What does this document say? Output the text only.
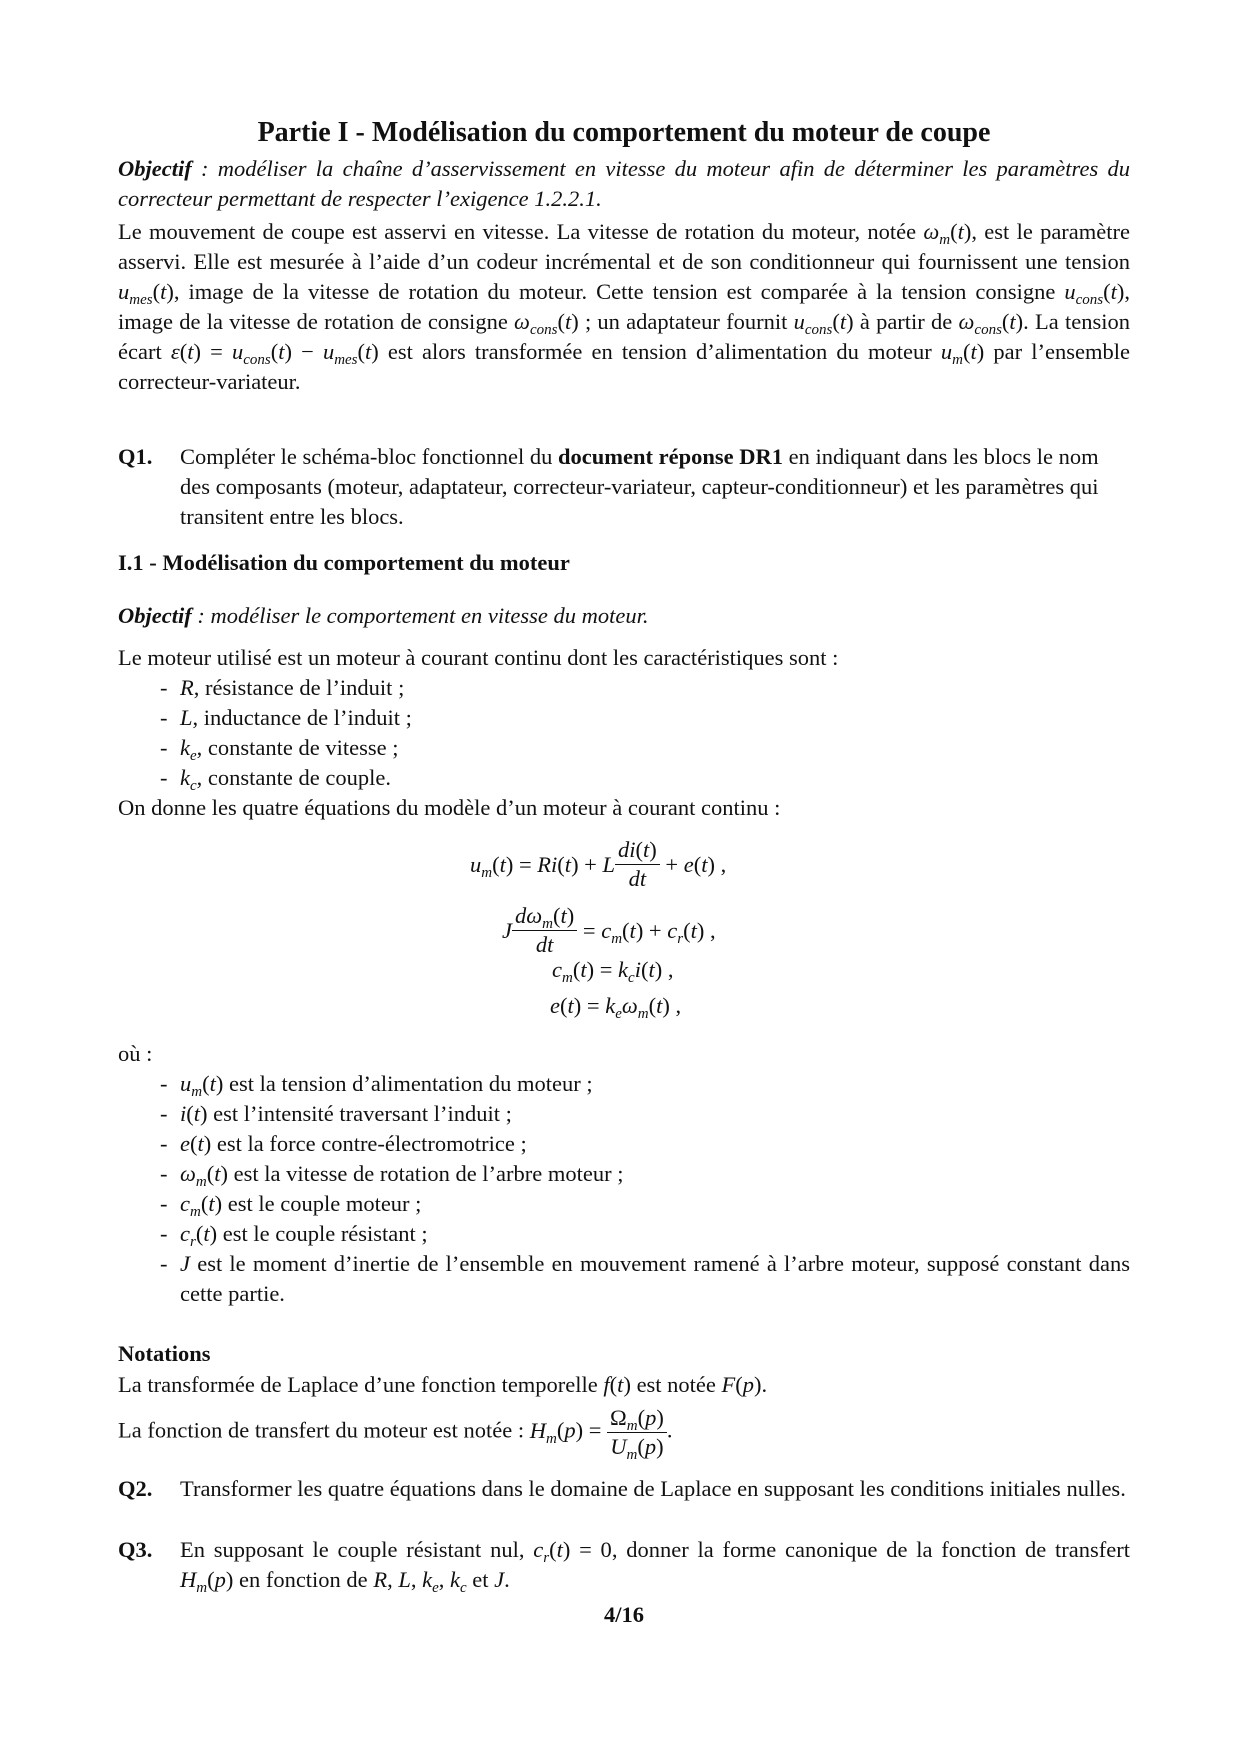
Partie I - Modélisation du comportement du moteur de coupe
Objectif : modéliser la chaîne d’asservissement en vitesse du moteur afin de déterminer les paramètres du correcteur permettant de respecter l’exigence 1.2.2.1.
Le mouvement de coupe est asservi en vitesse. La vitesse de rotation du moteur, notée $\omega_m(t)$, est le paramètre asservi. Elle est mesurée à l’aide d’un codeur incrémental et de son conditionneur qui fournissent une tension $u_{mes}(t)$, image de la vitesse de rotation du moteur. Cette tension est comparée à la tension consigne $u_{cons}(t)$, image de la vitesse de rotation de consigne $\omega_{cons}(t)$ ; un adaptateur fournit $u_{cons}(t)$ à partir de $\omega_{cons}(t)$. La tension écart $\varepsilon(t) = u_{cons}(t) - u_{mes}(t)$ est alors transformée en tension d’alimentation du moteur $u_m(t)$ par l’ensemble correcteur-variateur.
Q1. Compléter le schéma-bloc fonctionnel du document réponse DR1 en indiquant dans les blocs le nom des composants (moteur, adaptateur, correcteur-variateur, capteur-conditionneur) et les paramètres qui transitent entre les blocs.
I.1 - Modélisation du comportement du moteur
Objectif : modéliser le comportement en vitesse du moteur.
Le moteur utilisé est un moteur à courant continu dont les caractéristiques sont :
- R, résistance de l’induit ;
- L, inductance de l’induit ;
- $k_e$, constante de vitesse ;
- $k_c$, constante de couple.
On donne les quatre équations du modèle d’un moteur à courant continu :
$u_m(t) = Ri(t) + L \frac{di(t)}{dt} + e(t)$ ,
J $\frac{d\omega_m(t)}{dt} = c_m(t) + c_r(t)$ ,
$c_m(t) = k_ci(t)$ ,
$e(t) = k_e\omega_m(t)$ ,
où :
- $u_m(t)$ est la tension d’alimentation du moteur ;
- i(t) est l’intensité traversant l’induit ;
- e(t) est la force contre-électromotrice ;
- $\omega_m(t)$ est la vitesse de rotation de l’arbre moteur ;
- $c_m(t)$ est le couple moteur ;
- $c_r(t)$ est le couple résistant ;
- J est le moment d’inertie de l’ensemble en mouvement ramené à l’arbre moteur, supposé constant dans cette partie.
Notations
La transformée de Laplace d’une fonction temporelle f(t) est notée F(p).
La fonction de transfert du moteur est notée : $H_m(p) = \frac{\Omega_m(p)}{U_m(p)}$ .
Q2. Transformer les quatre équations dans le domaine de Laplace en supposant les conditions initiales nulles.
Q3. En supposant le couple résistant nul, $c_r(t) = 0$, donner la forme canonique de la fonction de transfert $H_m(p)$ en fonction de R, L, $k_e$, $k_c$ et J.
4/16
